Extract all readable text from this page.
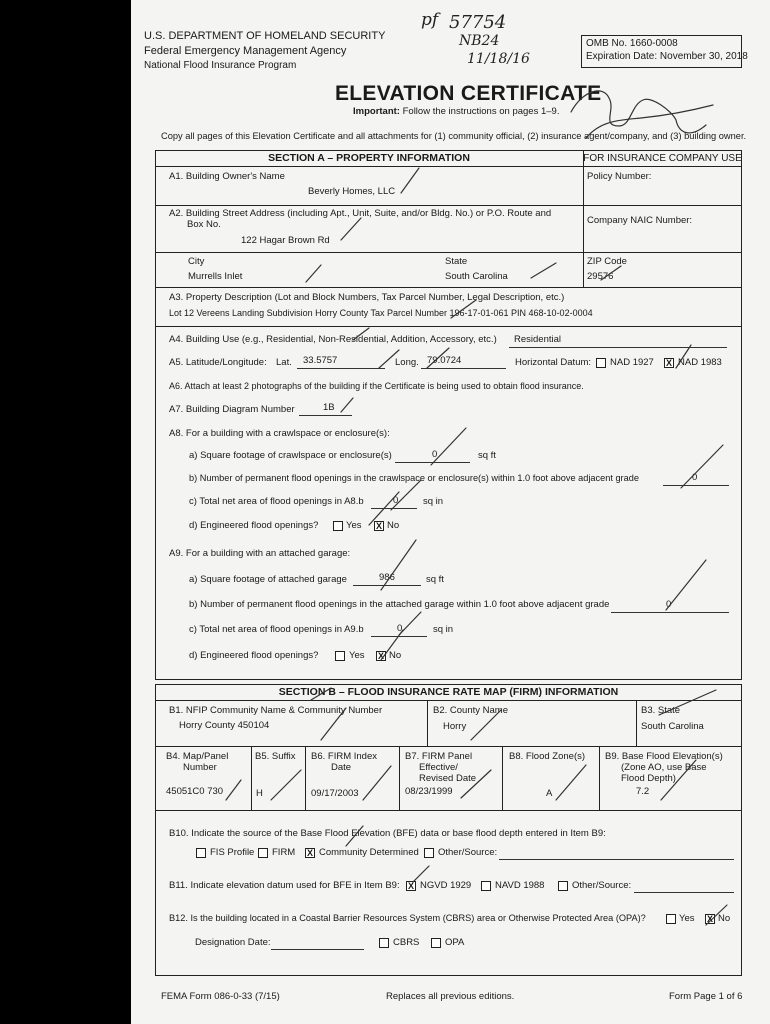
U.S. DEPARTMENT OF HOMELAND SECURITY
Federal Emergency Management Agency
National Flood Insurance Program
pf 57754
NB24
11/18/16
OMB No. 1660-0008
Expiration Date: November 30, 2018
ELEVATION CERTIFICATE
Important: Follow the instructions on pages 1–9.
Copy all pages of this Elevation Certificate and all attachments for (1) community official, (2) insurance agent/company, and (3) building owner.
SECTION A – PROPERTY INFORMATION	FOR INSURANCE COMPANY USE
A1. Building Owner's Name
Beverly Homes, LLC
Policy Number:
A2. Building Street Address (including Apt., Unit, Suite, and/or Bldg. No.) or P.O. Route and
Box No.
122 Hagar Brown Rd
Company NAIC Number:
City
Murrells Inlet
State
South Carolina
ZIP Code
29576
A3. Property Description (Lot and Block Numbers, Tax Parcel Number, Legal Description, etc.)
Lot 12 Vereens Landing Subdivision Horry County Tax Parcel Number 196-17-01-061 PIN 468-10-02-0004
A4. Building Use (e.g., Residential, Non-Residential, Addition, Accessory, etc.) Residential
A5. Latitude/Longitude: Lat. 33.5757	Long. 79.0724	Horizontal Datum: NAD 1927 X NAD 1983
A6. Attach at least 2 photographs of the building if the Certificate is being used to obtain flood insurance.
A7. Building Diagram Number	1B
A8. For a building with a crawlspace or enclosure(s):
a) Square footage of crawlspace or enclosure(s)	0	sq ft
b) Number of permanent flood openings in the crawlspace or enclosure(s) within 1.0 foot above adjacent grade	0
c) Total net area of flood openings in A8.b	0	sq in
d) Engineered flood openings?	Yes X No
A9. For a building with an attached garage:
a) Square footage of attached garage	986	sq ft
b) Number of permanent flood openings in the attached garage within 1.0 foot above adjacent grade	0
c) Total net area of flood openings in A9.b	0	sq in
d) Engineered flood openings?	Yes X No
SECTION B – FLOOD INSURANCE RATE MAP (FIRM) INFORMATION
B1. NFIP Community Name & Community Number
Horry County 450104
B2. County Name
Horry
B3. State
South Carolina
B4. Map/Panel
Number
45051C0 730
B5. Suffix
H
B6. FIRM Index
Date
09/17/2003
B7. FIRM Panel
Effective/
Revised Date
08/23/1999
B8. Flood Zone(s)
A
B9. Base Flood Elevation(s)
(Zone AO, use Base
Flood Depth)
7.2
B10. Indicate the source of the Base Flood Elevation (BFE) data or base flood depth entered in Item B9:
FIS Profile FIRM X Community Determined Other/Source:
B11. Indicate elevation datum used for BFE in Item B9: X NGVD 1929	NAVD 1988	Other/Source:
B12. Is the building located in a Coastal Barrier Resources System (CBRS) area or Otherwise Protected Area (OPA)?	Yes X No
Designation Date:	CBRS	OPA
FEMA Form 086-0-33 (7/15)	Replaces all previous editions.	Form Page 1 of 6
